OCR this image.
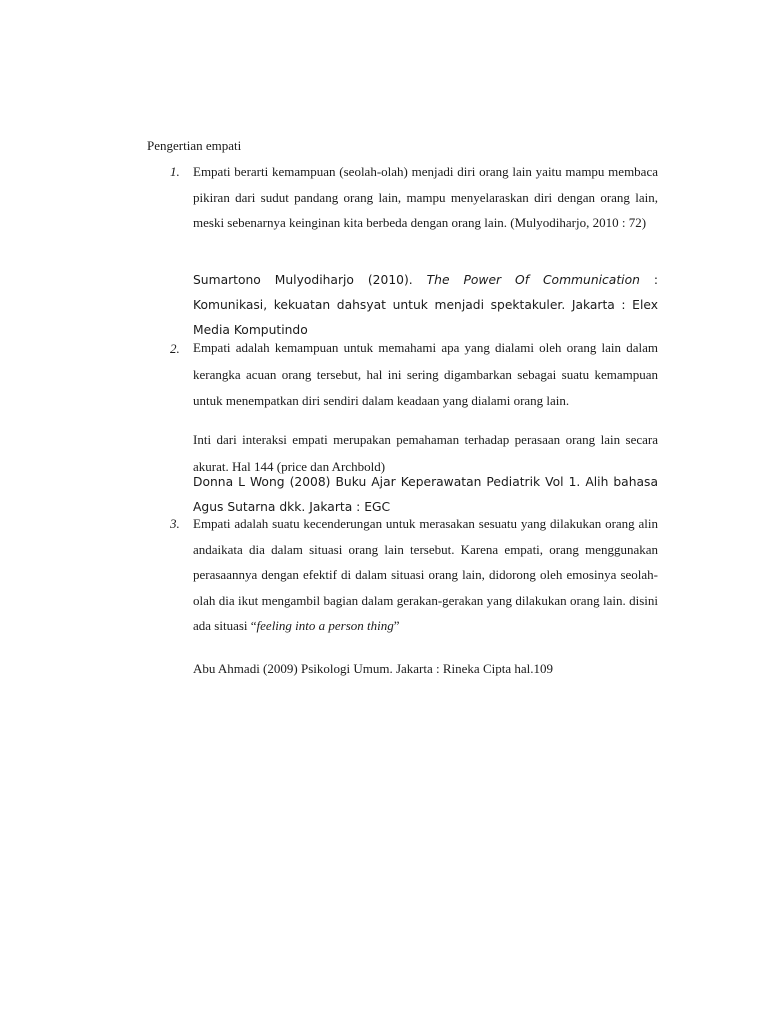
Pengertian empati
1.	Empati berarti kemampuan (seolah-olah) menjadi diri orang lain yaitu mampu membaca pikiran dari sudut pandang orang lain, mampu menyelaraskan diri dengan orang lain, meski sebenarnya keinginan kita berbeda dengan orang lain. (Mulyodiharjo, 2010 : 72)
Sumartono Mulyodiharjo (2010). The Power Of Communication : Komunikasi, kekuatan dahsyat untuk menjadi spektakuler. Jakarta : Elex Media Komputindo
2.	Empati adalah kemampuan untuk memahami apa yang dialami oleh orang lain dalam kerangka acuan orang tersebut, hal ini sering digambarkan sebagai suatu kemampuan untuk menempatkan diri sendiri dalam keadaan yang dialami orang lain.
Inti dari interaksi empati merupakan pemahaman terhadap perasaan orang lain secara akurat. Hal 144 (price dan Archbold)
Donna L Wong (2008) Buku Ajar Keperawatan Pediatrik Vol 1. Alih bahasa Agus Sutarna dkk. Jakarta : EGC
3.	Empati adalah suatu kecenderungan untuk merasakan sesuatu yang dilakukan orang alin andaikata dia dalam situasi orang lain tersebut. Karena empati, orang menggunakan perasaannya dengan efektif di dalam situasi orang lain, didorong oleh emosinya seolah-olah dia ikut mengambil bagian dalam gerakan-gerakan yang dilakukan orang lain. disini ada situasi “feeling into a person thing”
Abu Ahmadi (2009) Psikologi Umum. Jakarta : Rineka Cipta hal.109
